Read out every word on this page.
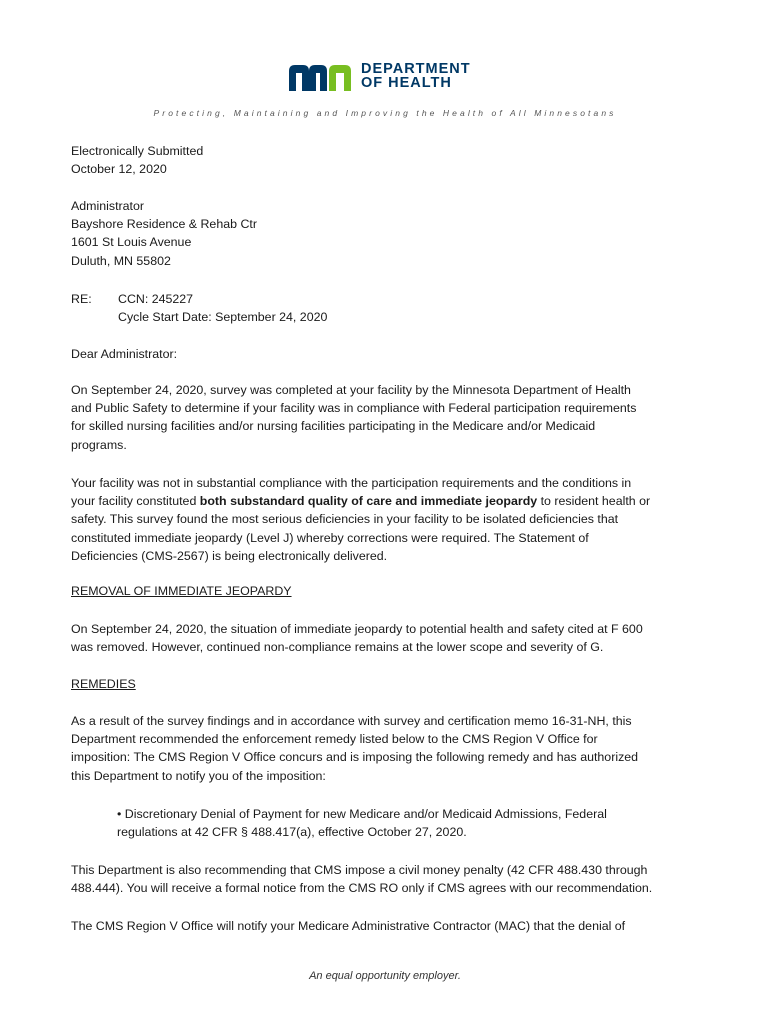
DEPARTMENT
OF HEALTH
Protecting, Maintaining and Improving the Health of All Minnesotans
Electronically Submitted
October 12, 2020
Administrator
Bayshore Residence & Rehab Ctr
1601 St Louis Avenue
Duluth, MN 55802
RE: CCN: 245227
Cycle Start Date: September 24, 2020
Dear Administrator:
On September 24, 2020, survey was completed at your facility by the Minnesota Department of Health
and Public Safety to determine if your facility was in compliance with Federal participation requirements
for skilled nursing facilities and/or nursing facilities participating in the Medicare and/or Medicaid
programs.
Your facility was not in substantial compliance with the participation requirements and the conditions in
your facility constituted both substandard quality of care and immediate jeopardy to resident health or
safety. This survey found the most serious deficiencies in your facility to be isolated deficiencies that
constituted immediate jeopardy (Level J) whereby corrections were required. The Statement of
Deficiencies (CMS-2567) is being electronically delivered.
REMOVAL OF IMMEDIATE JEOPARDY
On September 24, 2020, the situation of immediate jeopardy to potential health and safety cited at F 600
was removed. However, continued non-compliance remains at the lower scope and severity of G.
REMEDIES
As a result of the survey findings and in accordance with survey and certification memo 16-31-NH, this
Department recommended the enforcement remedy listed below to the CMS Region V Office for
imposition: The CMS Region V Office concurs and is imposing the following remedy and has authorized
this Department to notify you of the imposition:
• Discretionary Denial of Payment for new Medicare and/or Medicaid Admissions, Federal
regulations at 42 CFR § 488.417(a), effective October 27, 2020.
This Department is also recommending that CMS impose a civil money penalty (42 CFR 488.430 through
488.444). You will receive a formal notice from the CMS RO only if CMS agrees with our recommendation.
The CMS Region V Office will notify your Medicare Administrative Contractor (MAC) that the denial of
An equal opportunity employer.
